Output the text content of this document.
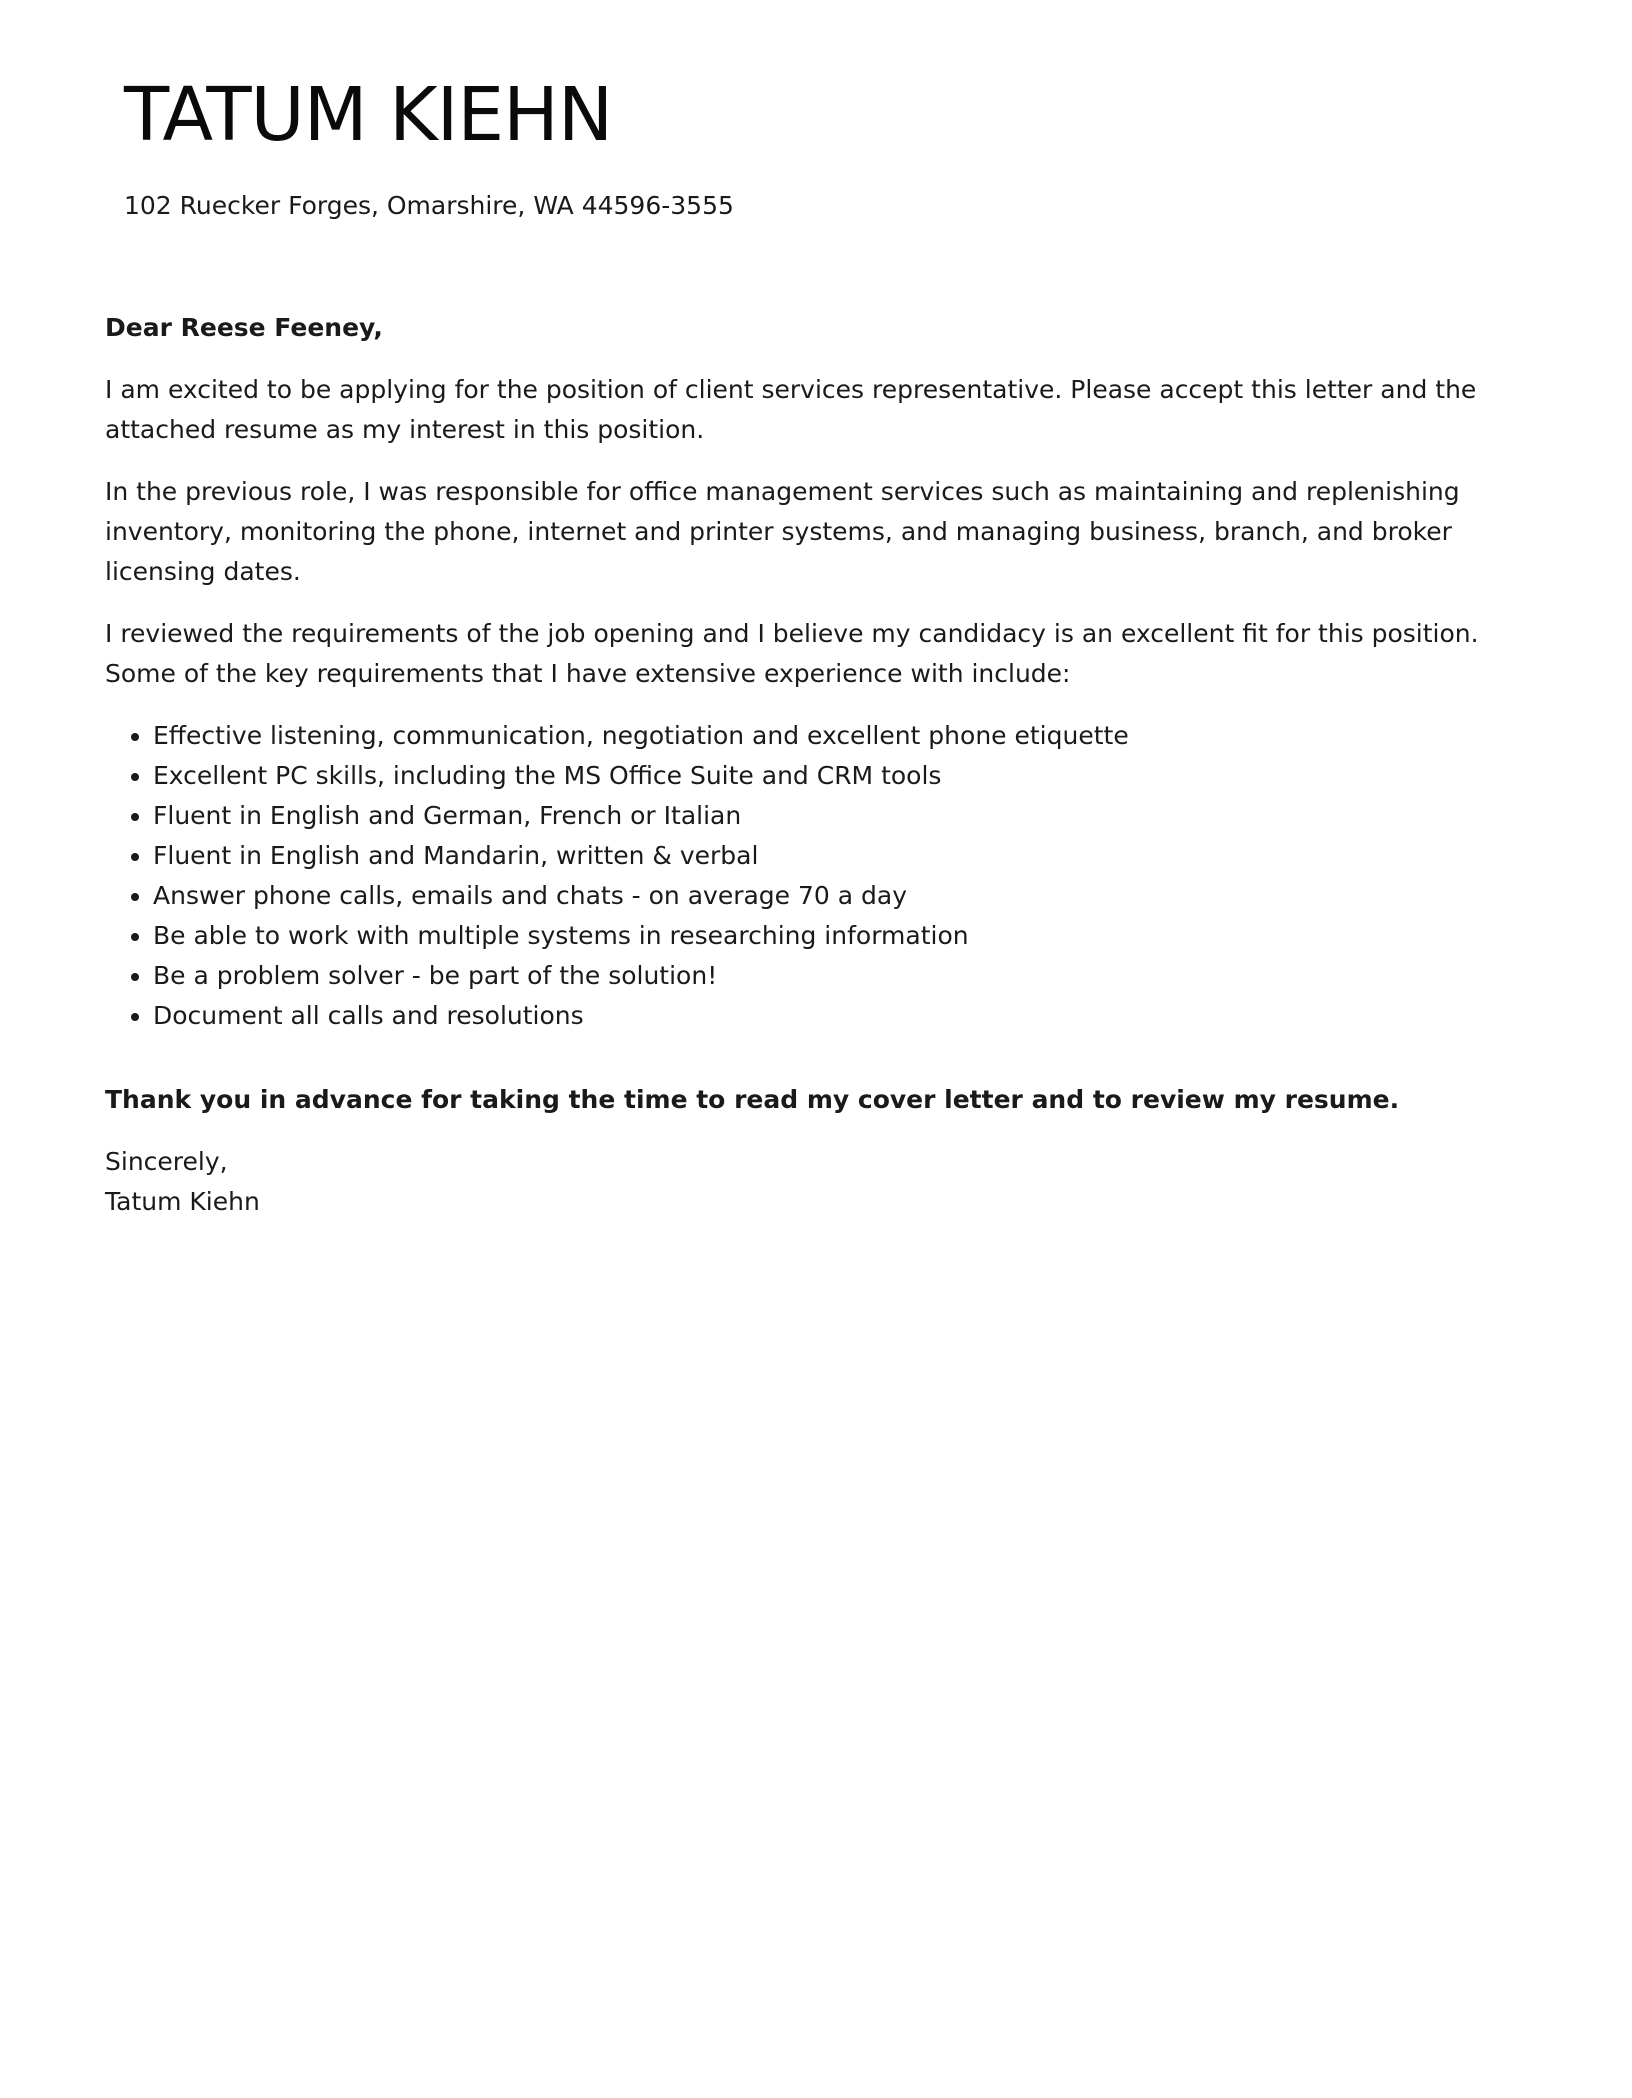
TATUM KIEHN

102 Ruecker Forges, Omarshire, WA 44596-3555

Dear Reese Feeney,

I am excited to be applying for the position of client services representative. Please accept this letter and the attached resume as my interest in this position.

In the previous role, I was responsible for office management services such as maintaining and replenishing inventory, monitoring the phone, internet and printer systems, and managing business, branch, and broker licensing dates.

I reviewed the requirements of the job opening and I believe my candidacy is an excellent fit for this position. Some of the key requirements that I have extensive experience with include:

• Effective listening, communication, negotiation and excellent phone etiquette
• Excellent PC skills, including the MS Office Suite and CRM tools
• Fluent in English and German, French or Italian
• Fluent in English and Mandarin, written & verbal
• Answer phone calls, emails and chats - on average 70 a day
• Be able to work with multiple systems in researching information
• Be a problem solver - be part of the solution!
• Document all calls and resolutions

Thank you in advance for taking the time to read my cover letter and to review my resume.

Sincerely,

Tatum Kiehn
